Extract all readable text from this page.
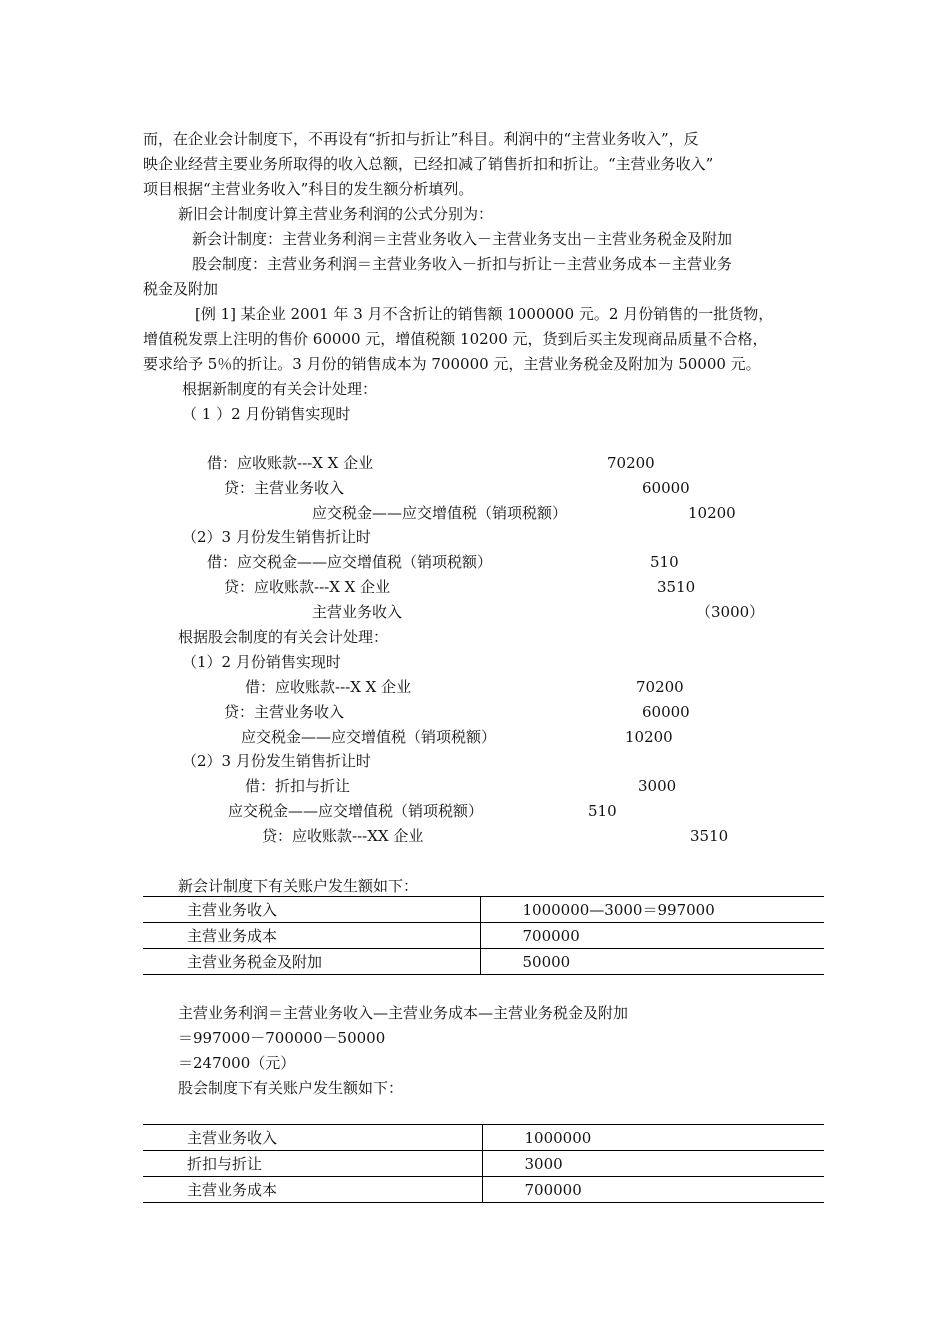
而，在企业会计制度下，不再设有“折扣与折让”科目。利润中的“主营业务收入”，反
映企业经营主要业务所取得的收入总额，已经扣减了销售折扣和折让。“主营业务收入”
项目根据“主营业务收入”科目的发生额分析填列。
新旧会计制度计算主营业务利润的公式分别为：
新会计制度：主营业务利润＝主营业务收入－主营业务支出－主营业务税金及附加
股会制度：主营业务利润＝主营业务收入－折扣与折让－主营业务成本－主营业务
税金及附加
[例 1] 某企业 2001 年 3 月不含折让的销售额 1000000 元。2 月份销售的一批货物，
增值税发票上注明的售价 60000 元，增值税额 10200 元，货到后买主发现商品质量不合格，
要求给予 5％的折让。3 月份的销售成本为 700000 元，主营业务税金及附加为 50000 元。
根据新制度的有关会计处理：
（ 1 ）2 月份销售实现时
借：应收账款---X X 企业	70200
贷：主营业务收入	60000
应交税金——应交增值税（销项税额）	10200
（2）3 月份发生销售折让时
借：应交税金——应交增值税（销项税额）	510
贷：应收账款---X X 企业	3510
主营业务收入	（3000）
根据股会制度的有关会计处理：
（1）2 月份销售实现时
借：应收账款---X X 企业	70200
贷：主营业务收入	60000
应交税金——应交增值税（销项税额）	10200
（2）3 月份发生销售折让时
借：折扣与折让	3000
应交税金——应交增值税（销项税额）	510
贷：应收账款---XX 企业	3510
新会计制度下有关账户发生额如下：
主营业务收入	1000000—3000＝997000
主营业务成本	700000
主营业务税金及附加	50000
主营业务利润＝主营业务收入—主营业务成本—主营业务税金及附加
＝997000－700000－50000
＝247000（元）
股会制度下有关账户发生额如下：
主营业务收入	1000000
折扣与折让	3000
主营业务成本	700000
